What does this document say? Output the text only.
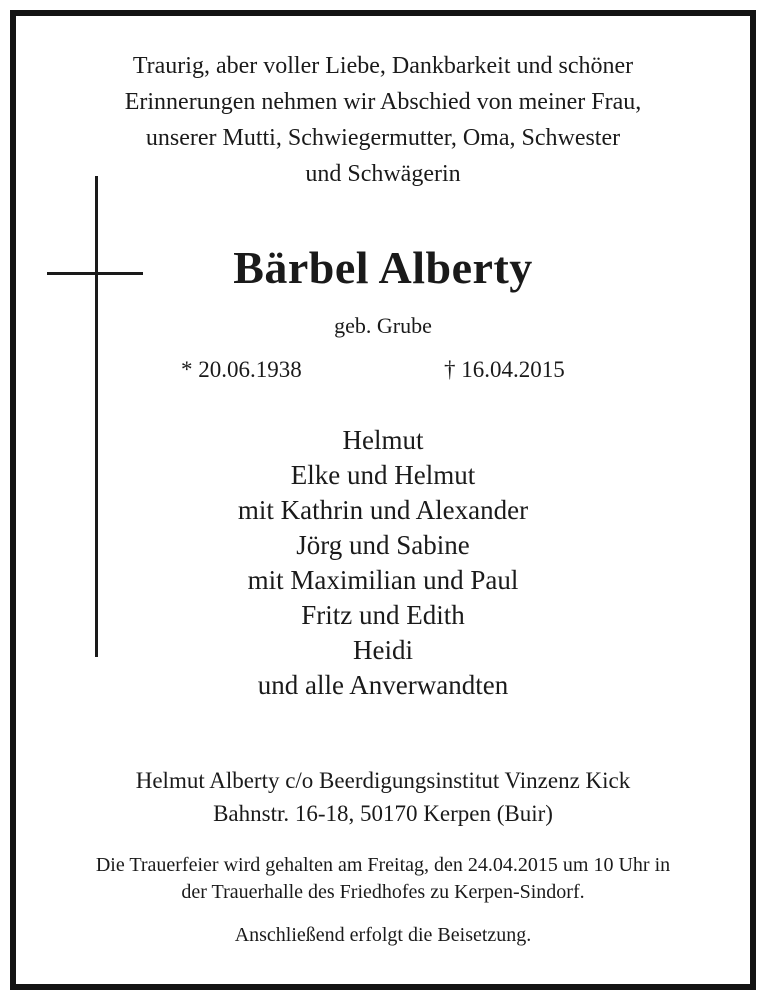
Traurig, aber voller Liebe, Dankbarkeit und schöner
Erinnerungen nehmen wir Abschied von meiner Frau,
unserer Mutti, Schwiegermutter, Oma, Schwester
und Schwägerin
Bärbel Alberty
geb. Grube
* 20.06.1938	† 16.04.2015
Helmut
Elke und Helmut
mit Kathrin und Alexander
Jörg und Sabine
mit Maximilian und Paul
Fritz und Edith
Heidi
und alle Anverwandten
Helmut Alberty c/o Beerdigungsinstitut Vinzenz Kick
Bahnstr. 16-18, 50170 Kerpen (Buir)
Die Trauerfeier wird gehalten am Freitag, den 24.04.2015 um 10 Uhr in
der Trauerhalle des Friedhofes zu Kerpen-Sindorf.
Anschließend erfolgt die Beisetzung.
